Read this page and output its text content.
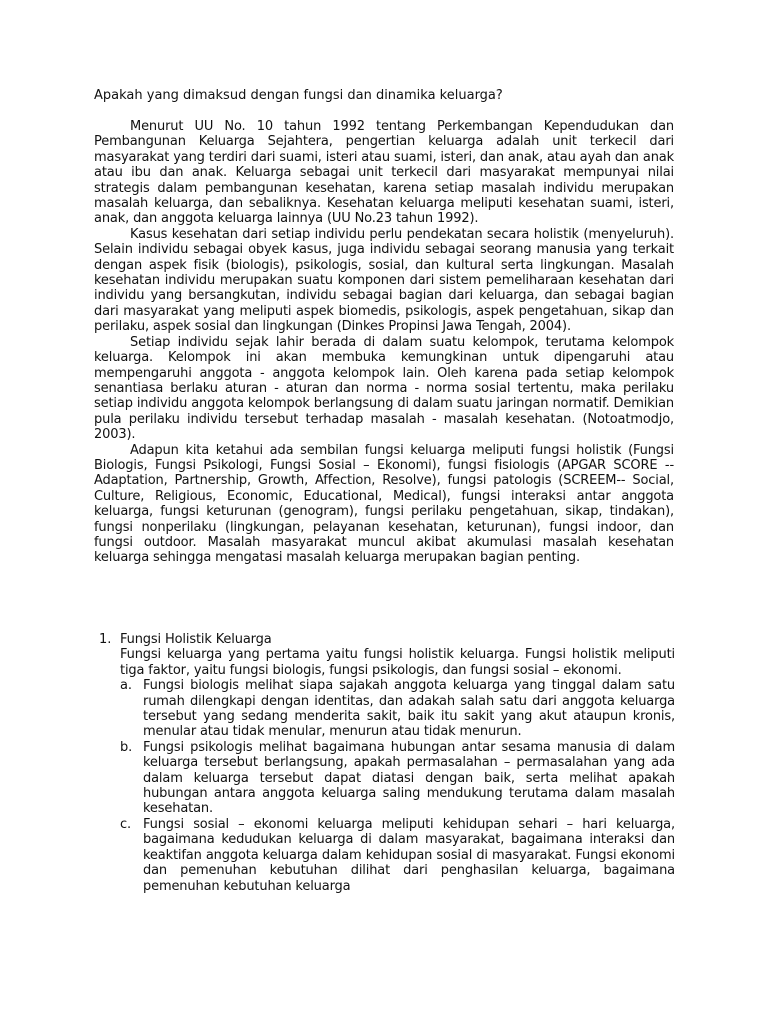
Apakah yang dimaksud dengan fungsi dan dinamika keluarga?

Menurut UU No. 10 tahun 1992 tentang Perkembangan Kependudukan dan Pembangunan Keluarga Sejahtera, pengertian keluarga adalah unit terkecil dari masyarakat yang terdiri dari suami, isteri atau suami, isteri, dan anak, atau ayah dan anak atau ibu dan anak. Keluarga sebagai unit terkecil dari masyarakat mempunyai nilai strategis dalam pembangunan kesehatan, karena setiap masalah individu merupakan masalah keluarga, dan sebaliknya. Kesehatan keluarga meliputi kesehatan suami, isteri, anak, dan anggota keluarga lainnya (UU No.23 tahun 1992).

Kasus kesehatan dari setiap individu perlu pendekatan secara holistik (menyeluruh). Selain individu sebagai obyek kasus, juga individu sebagai seorang manusia yang terkait dengan aspek fisik (biologis), psikologis, sosial, dan kultural serta lingkungan. Masalah kesehatan individu merupakan suatu komponen dari sistem pemeliharaan kesehatan dari individu yang bersangkutan, individu sebagai bagian dari keluarga, dan sebagai bagian dari masyarakat yang meliputi aspek biomedis, psikologis, aspek pengetahuan, sikap dan perilaku, aspek sosial dan lingkungan (Dinkes Propinsi Jawa Tengah, 2004).

Setiap individu sejak lahir berada di dalam suatu kelompok, terutama kelompok keluarga. Kelompok ini akan membuka kemungkinan untuk dipengaruhi atau mempengaruhi anggota - anggota kelompok lain. Oleh karena pada setiap kelompok senantiasa berlaku aturan - aturan dan norma - norma sosial tertentu, maka perilaku setiap individu anggota kelompok berlangsung di dalam suatu jaringan normatif. Demikian pula perilaku individu tersebut terhadap masalah - masalah kesehatan. (Notoatmodjo, 2003).

Adapun kita ketahui ada sembilan fungsi keluarga meliputi fungsi holistik (Fungsi Biologis, Fungsi Psikologi, Fungsi Sosial – Ekonomi), fungsi fisiologis (APGAR SCORE --Adaptation, Partnership, Growth, Affection, Resolve), fungsi patologis (SCREEM-- Social, Culture, Religious, Economic, Educational, Medical), fungsi interaksi antar anggota keluarga, fungsi keturunan (genogram), fungsi perilaku pengetahuan, sikap, tindakan), fungsi nonperilaku (lingkungan, pelayanan kesehatan, keturunan), fungsi indoor, dan fungsi outdoor. Masalah masyarakat muncul akibat akumulasi masalah kesehatan keluarga sehingga mengatasi masalah keluarga merupakan bagian penting.

1. Fungsi Holistik Keluarga

Fungsi keluarga yang pertama yaitu fungsi holistik keluarga. Fungsi holistik meliputi tiga faktor, yaitu fungsi biologis, fungsi psikologis, dan fungsi sosial – ekonomi.

a. Fungsi biologis melihat siapa sajakah anggota keluarga yang tinggal dalam satu rumah dilengkapi dengan identitas, dan adakah salah satu dari anggota keluarga tersebut yang sedang menderita sakit, baik itu sakit yang akut ataupun kronis, menular atau tidak menular, menurun atau tidak menurun.
b. Fungsi psikologis melihat bagaimana hubungan antar sesama manusia di dalam keluarga tersebut berlangsung, apakah permasalahan – permasalahan yang ada dalam keluarga tersebut dapat diatasi dengan baik, serta melihat apakah hubungan antara anggota keluarga saling mendukung terutama dalam masalah kesehatan.
c. Fungsi sosial – ekonomi keluarga meliputi kehidupan sehari – hari keluarga, bagaimana kedudukan keluarga di dalam masyarakat, bagaimana interaksi dan keaktifan anggota keluarga dalam kehidupan sosial di masyarakat. Fungsi ekonomi dan pemenuhan kebutuhan dilihat dari penghasilan keluarga, bagaimana pemenuhan kebutuhan keluarga
